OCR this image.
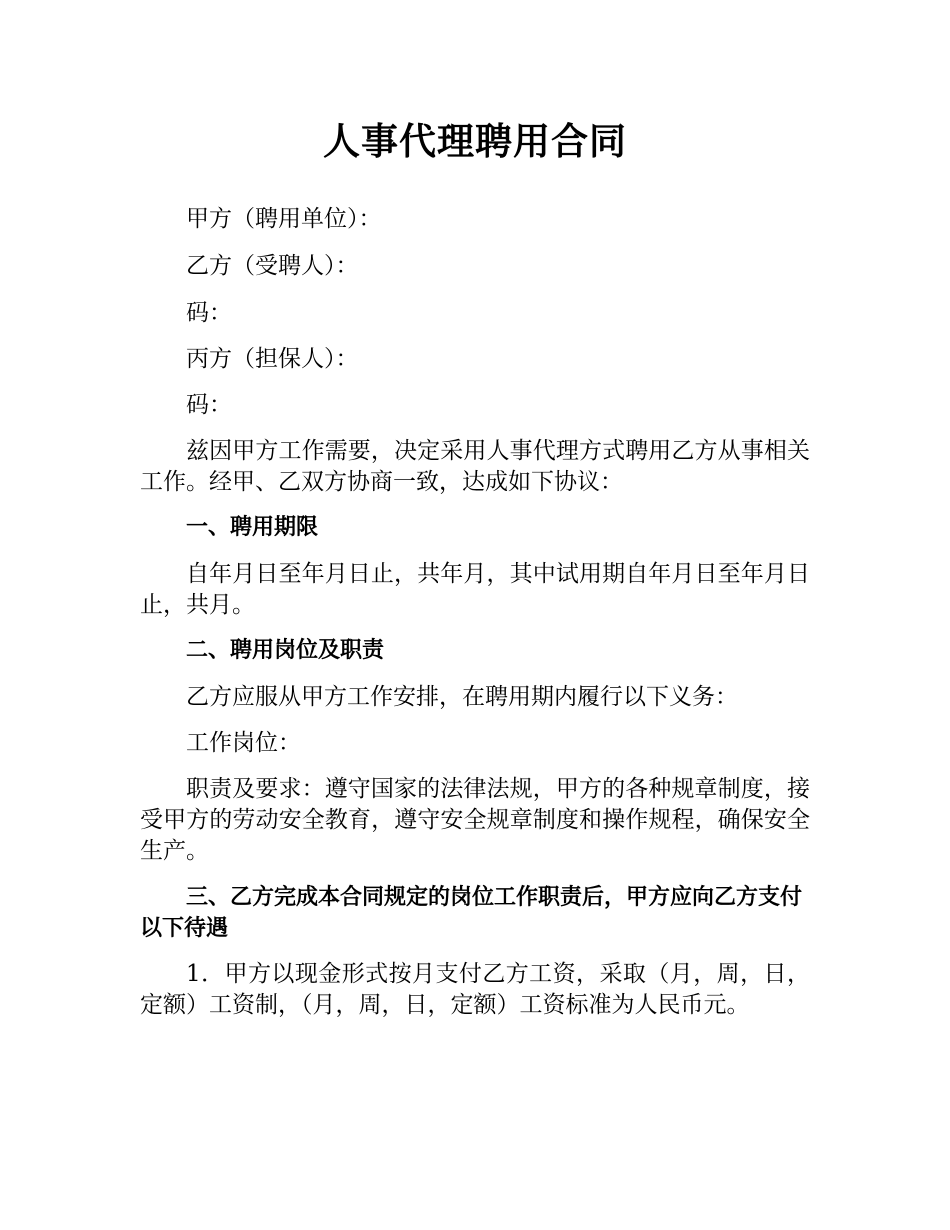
人事代理聘用合同

甲方（聘用单位）：

乙方（受聘人）：

码：

丙方（担保人）：

码：

兹因甲方工作需要，决定采用人事代理方式聘用乙方从事相关工作。经甲、乙双方协商一致，达成如下协议：

一、聘用期限

自年月日至年月日止，共年月，其中试用期自年月日至年月日止，共月。

二、聘用岗位及职责

乙方应服从甲方工作安排，在聘用期内履行以下义务：

工作岗位：

职责及要求：遵守国家的法律法规，甲方的各种规章制度，接受甲方的劳动安全教育，遵守安全规章制度和操作规程，确保安全生产。

三、乙方完成本合同规定的岗位工作职责后，甲方应向乙方支付以下待遇

1．甲方以现金形式按月支付乙方工资，采取（月，周，日，定额）工资制，（月，周，日，定额）工资标准为人民币元。
